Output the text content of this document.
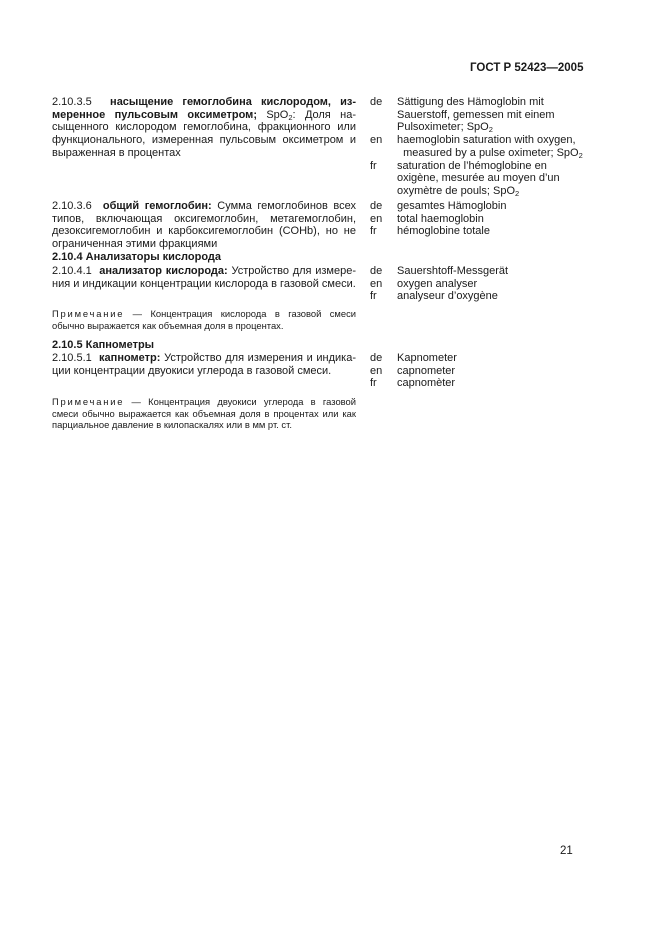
ГОСТ Р 52423—2005
2.10.3.5 насыщение гемоглобина кислородом, из-
меренное пульсовым оксиметром; SpO$_2$: Доля на-
сыщенного кислородом гемоглобина, фракционного или
функционального, измеренная пульсовым оксиметром и
выраженная в процентах
de

en

fr
Sättigung des Hämoglobin mit
Sauerstoff, gemessen mit einem
Pulsoximeter; SpO$_2$
haemoglobin saturation with oxygen,
measured by a pulse oximeter; SpO$_2$
saturation de l’hémoglobine en
oxigène, mesurée au moyen d’un
oxymètre de pouls; SpO$_2$
2.10.3.6 общий гемоглобин: Сумма гемоглобинов всех
типов, включающая оксигемоглобин, метагемоглобин,
дезоксигемоглобин и карбоксигемоглобин (COHb), но не
ограниченная этими фракциями
de
en
fr
gesamtes Hämoglobin
total haemoglobin
hémoglobine totale
2.10.4 Анализаторы кислорода
2.10.4.1 анализатор кислорода: Устройство для измере-
ния и индикации концентрации кислорода в газовой смеси.
de
en
fr
Sauershtoff-Messgerät
oxygen analyser
analyseur d’oxygène
Примечание — Концентрация кислорода в газовой смеси
обычно выражается как объемная доля в процентах.
2.10.5 Капнометры
2.10.5.1 капнометр: Устройство для измерения и индика-
ции концентрации двуокиси углерода в газовой смеси.
de
en
fr
Kapnometer
capnometer
capnomèter
Примечание — Концентрация двуокиси углерода в газовой
смеси обычно выражается как объемная доля в процентах или как
парциальное давление в килопаскалях или в мм рт. ст.
21
